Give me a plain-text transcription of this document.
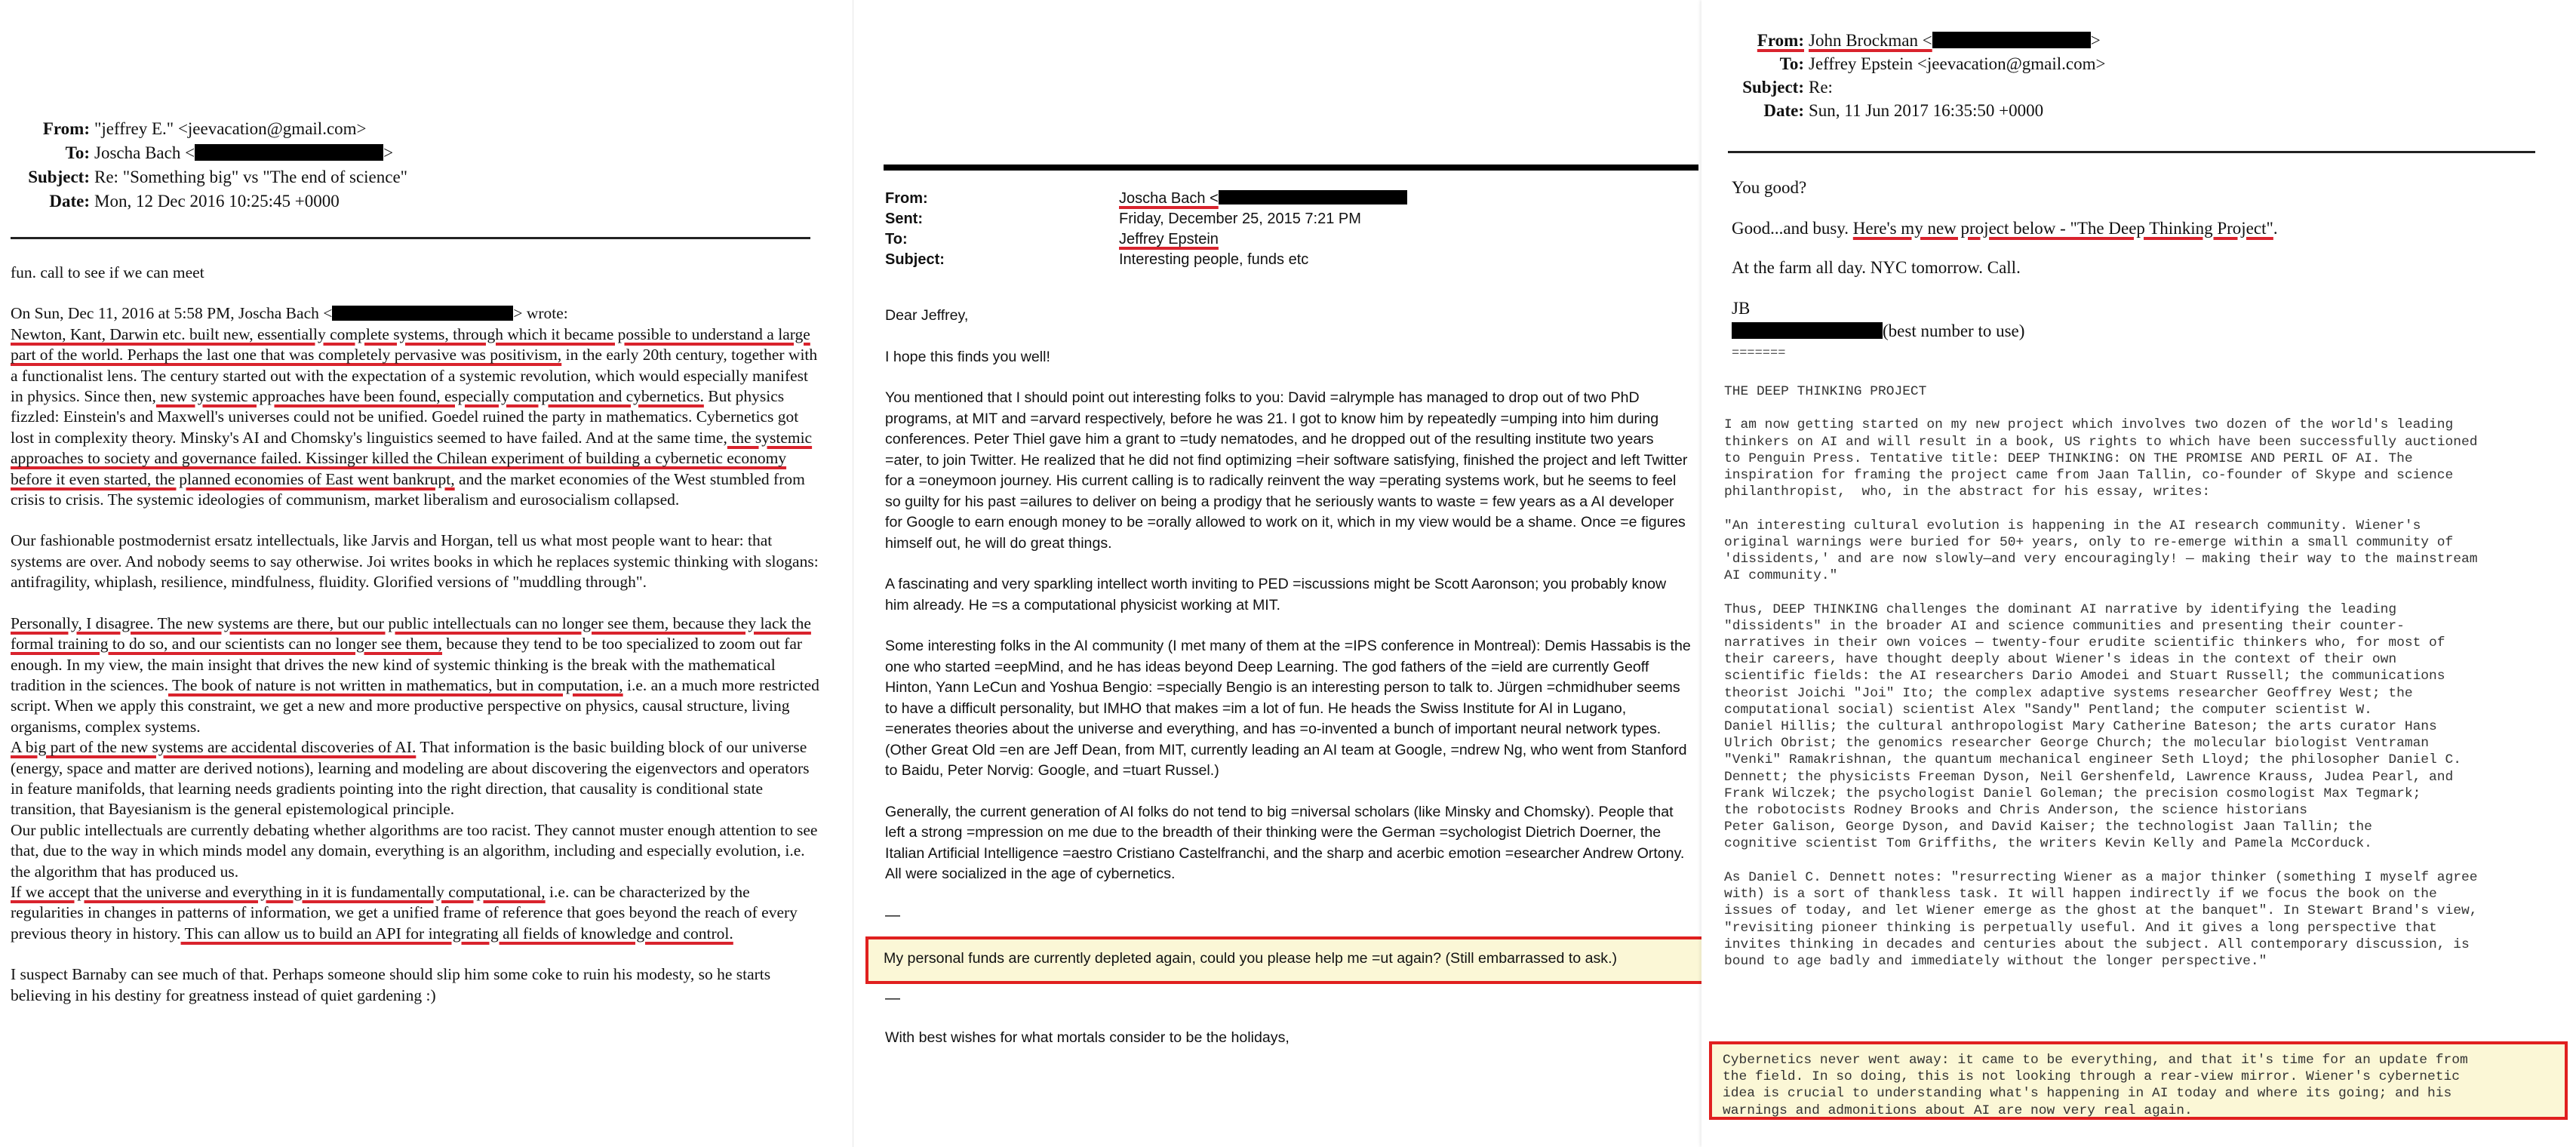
From: "jeffrey E." <jeevacation@gmail.com>
To: Joscha Bach <	>
Subject: Re: "Something big" vs "The end of science"
Date: Mon, 12 Dec 2016 10:25:45 +0000

fun. call to see if we can meet

On Sun, Dec 11, 2016 at 5:58 PM, Joscha Bach <	> wrote:

Newton, Kant, Darwin etc. built new, essentially complete systems, through which it became possible to understand a large part of the world. Perhaps the last one that was completely pervasive was positivism, in the early 20th century, together with a functionalist lens. The century started out with the expectation of a systemic revolution, which would especially manifest in physics. Since then, new systemic approaches have been found, especially computation and cybernetics. But physics fizzled: Einstein's and Maxwell's universes could not be unified. Goedel ruined the party in mathematics. Cybernetics got lost in complexity theory. Minsky's AI and Chomsky's linguistics seemed to have failed. And at the same time, the systemic approaches to society and governance failed. Kissinger killed the Chilean experiment of building a cybernetic economy before it even started, the planned economies of East went bankrupt, and the market economies of the West stumbled from crisis to crisis. The systemic ideologies of communism, market liberalism and eurosocialism collapsed.

Our fashionable postmodernist ersatz intellectuals, like Jarvis and Horgan, tell us what most people want to hear: that systems are over. And nobody seems to say otherwise. Joi writes books in which he replaces systemic thinking with slogans: antifragility, whiplash, resilience, mindfulness, fluidity. Glorified versions of "muddling through".

Personally, I disagree. The new systems are there, but our public intellectuals can no longer see them, because they lack the formal training to do so, and our scientists can no longer see them, because they tend to be too specialized to zoom out far enough. In my view, the main insight that drives the new kind of systemic thinking is the break with the mathematical tradition in the sciences. The book of nature is not written in mathematics, but in computation, i.e. an a much more restricted script. When we apply this constraint, we get a new and more productive perspective on physics, causal structure, living organisms, complex systems.

A big part of the new systems are accidental discoveries of AI. That information is the basic building block of our universe (energy, space and matter are derived notions), learning and modeling are about discovering the eigenvectors and operators in feature manifolds, that learning needs gradients pointing into the right direction, that causality is conditional state transition, that Bayesianism is the general epistemological principle.

Our public intellectuals are currently debating whether algorithms are too racist. They cannot muster enough attention to see that, due to the way in which minds model any domain, everything is an algorithm, including and especially evolution, i.e. the algorithm that has produced us.

If we accept that the universe and everything in it is fundamentally computational, i.e. can be characterized by the regularities in changes in patterns of information, we get a unified frame of reference that goes beyond the reach of every previous theory in history. This can allow us to build an API for integrating all fields of knowledge and control.

I suspect Barnaby can see much of that. Perhaps someone should slip him some coke to ruin his modesty, so he starts believing in his destiny for greatness instead of quiet gardening :)

From:	Joscha Bach <
Sent:	Friday, December 25, 2015 7:21 PM
To:	Jeffrey Epstein
Subject:	Interesting people, funds etc

Dear Jeffrey,

I hope this finds you well!

You mentioned that I should point out interesting folks to you: David =alrymple has managed to drop out of two PhD programs, at MIT and =arvard respectively, before he was 21. I got to know him by repeatedly =umping into him during conferences. Peter Thiel gave him a grant to =tudy nematodes, and he dropped out of the resulting institute two years =ater, to join Twitter. He realized that he did not find optimizing =heir software satisfying, finished the project and left Twitter for a =oneymoon journey. His current calling is to radically reinvent the way =perating systems work, but he seems to feel so guilty for his past =ailures to deliver on being a prodigy that he seriously wants to waste = few years as a AI developer for Google to earn enough money to be =orally allowed to work on it, which in my view would be a shame. Once =e figures himself out, he will do great things.

A fascinating and very sparkling intellect worth inviting to PED =iscussions might be Scott Aaronson; you probably know him already. He =s a computational physicist working at MIT.

Some interesting folks in the AI community (I met many of them at the =IPS conference in Montreal): Demis Hassabis is the one who started =eepMind, and he has ideas beyond Deep Learning. The god fathers of the =ield are currently Geoff Hinton, Yann LeCun and Yoshua Bengio: =specially Bengio is an interesting person to talk to. Jürgen =chmidhuber seems to have a difficult personality, but IMHO that makes =im a lot of fun. He heads the Swiss Institute for AI in Lugano, =enerates theories about the universe and everything, and has =o-invented a bunch of important neural network types. (Other Great Old =en are Jeff Dean, from MIT, currently leading an AI team at Google, =ndrew Ng, who went from Stanford to Baidu, Peter Norvig: Google, and =tuart Russel.)

Generally, the current generation of AI folks do not tend to big =niversal scholars (like Minsky and Chomsky). People that left a strong =mpression on me due to the breadth of their thinking were the German =sychologist Dietrich Doerner, the Italian Artificial Intelligence =aestro Cristiano Castelfranchi, and the sharp and acerbic emotion =esearcher Andrew Ortony. All were socialized in the age of cybernetics.

—
My personal funds are currently depleted again, could you please help me =ut again? (Still embarrassed to ask.)
—
With best wishes for what mortals consider to be the holidays,
From: John Brockman <	>
To: Jeffrey Epstein <jeevacation@gmail.com>
Subject: Re:
Date: Sun, 11 Jun 2017 16:35:50 +0000

You good?

Good...and busy. Here's my new project below - "The Deep Thinking Project".

At the farm all day. NYC tomorrow. Call.

JB

(best number to use)

=======

THE DEEP THINKING PROJECT

I am now getting started on my new project which involves two dozen of the world's leading
thinkers on AI and will result in a book, US rights to which have been successfully auctioned
to Penguin Press. Tentative title: DEEP THINKING: ON THE PROMISE AND PERIL OF AI. The
inspiration for framing the project came from Jaan Tallin, co-founder of Skype and science
philanthropist,  who, in the abstract for his essay, writes:

"An interesting cultural evolution is happening in the AI research community. Wiener's
original warnings were buried for 50+ years, only to re-emerge within a small community of
'dissidents,' and are now slowly—and very encouragingly! — making their way to the mainstream
AI community."

Thus, DEEP THINKING challenges the dominant AI narrative by identifying the leading
"dissidents" in the broader AI and science communities and presenting their counter-
narratives in their own voices — twenty-four erudite scientific thinkers who, for most of
their careers, have thought deeply about Wiener's ideas in the context of their own
scientific fields: the AI researchers Dario Amodei and Stuart Russell; the communications
theorist Joichi "Joi" Ito; the complex adaptive systems researcher Geoffrey West; the
computational social) scientist Alex "Sandy" Pentland; the computer scientist W.
Daniel Hillis; the cultural anthropologist Mary Catherine Bateson; the arts curator Hans
Ulrich Obrist; the genomics researcher George Church; the molecular biologist Ventraman
"Venki" Ramakrishnan, the quantum mechanical engineer Seth Lloyd; the philosopher Daniel C.
Dennett; the physicists Freeman Dyson, Neil Gershenfeld, Lawrence Krauss, Judea Pearl, and
Frank Wilczek; the psychologist Daniel Goleman; the precision cosmologist Max Tegmark;
the robotocists Rodney Brooks and Chris Anderson, the science historians
Peter Galison, George Dyson, and David Kaiser; the technologist Jaan Tallin; the
cognitive scientist Tom Griffiths, the writers Kevin Kelly and Pamela McCorduck.

As Daniel C. Dennett notes: "resurrecting Wiener as a major thinker (something I myself agree
with) is a sort of thankless task. It will happen indirectly if we focus the book on the
issues of today, and let Wiener emerge as the ghost at the banquet". In Stewart Brand's view,
"revisiting pioneer thinking is perpetually useful. And it gives a long perspective that
invites thinking in decades and centuries about the subject. All contemporary discussion, is
bound to age badly and immediately without the longer perspective."
Cybernetics never went away: it came to be everything, and that it's time for an update from
the field. In so doing, this is not looking through a rear-view mirror. Wiener's cybernetic
idea is crucial to understanding what's happening in AI today and where its going; and his
warnings and admonitions about AI are now very real again.
